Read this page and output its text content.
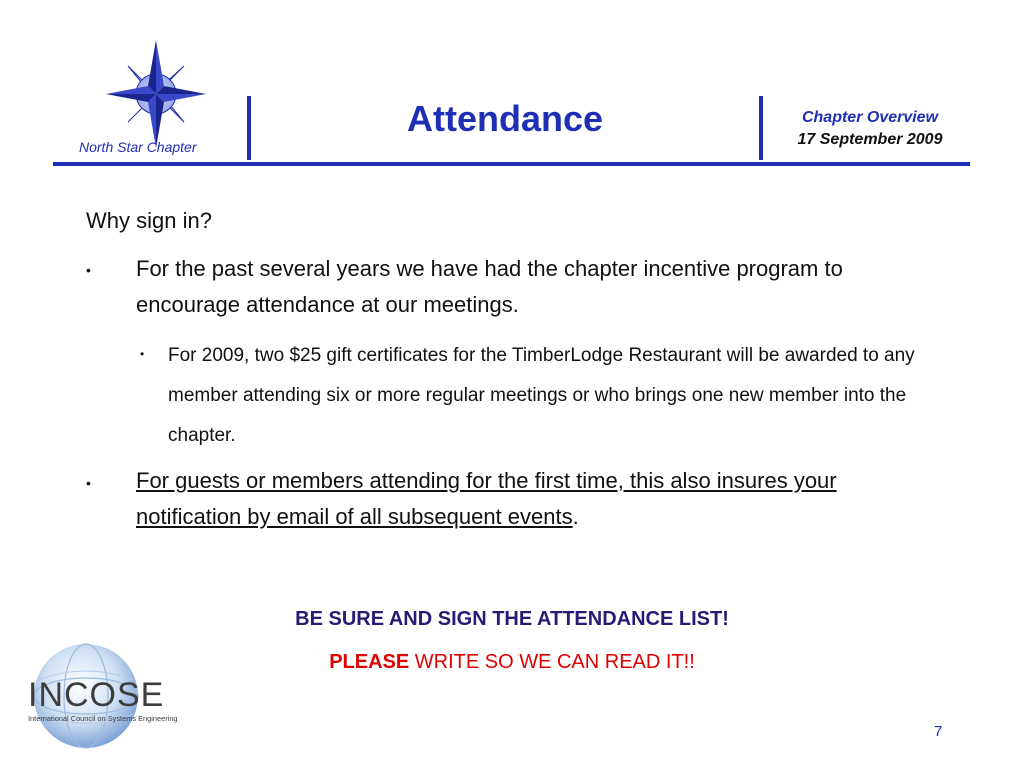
North Star Chapter
Attendance	Chapter Overview
17 September 2009
Why sign in?
• For the past several years we have had the chapter incentive program to encourage attendance at our meetings.
• For 2009, two $25 gift certificates for the TimberLodge Restaurant will be awarded to any member attending six or more regular meetings or who brings one new member into the chapter.
• For guests or members attending for the first time, this also insures your notification by email of all subsequent events.
BE SURE AND SIGN THE ATTENDANCE LIST!
PLEASE WRITE SO WE CAN READ IT!!
INCOSE
International Council on Systems Engineering
7
